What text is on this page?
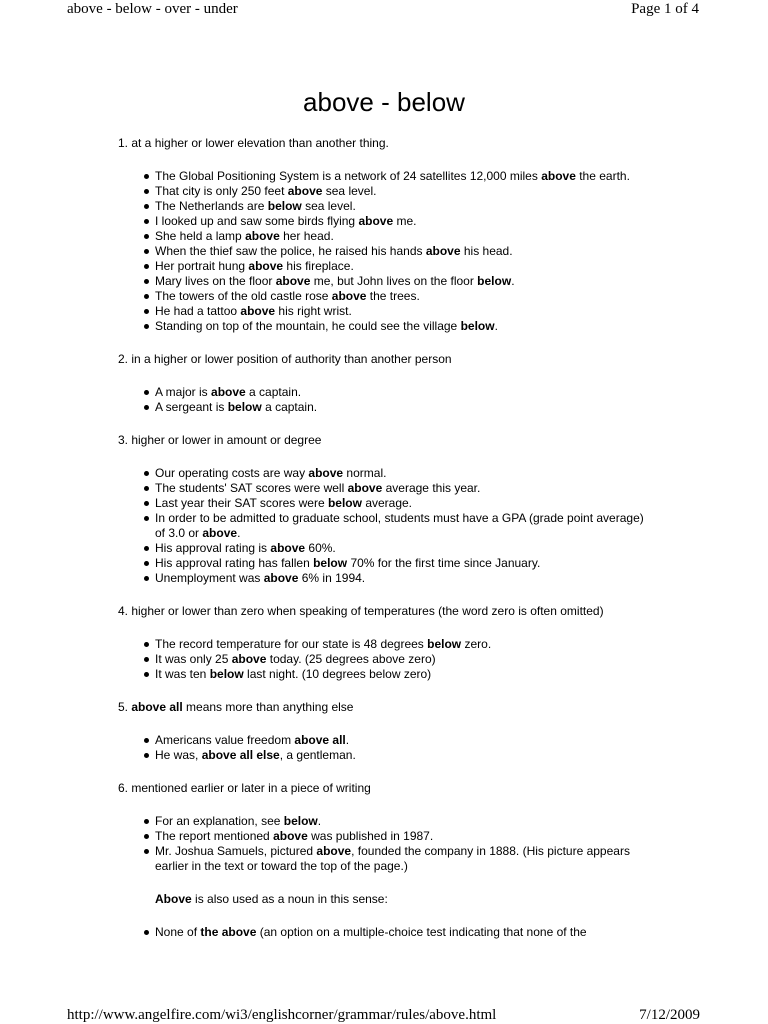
above - below - over - under	Page 1 of 4
above - below
1. at a higher or lower elevation than another thing.
The Global Positioning System is a network of 24 satellites 12,000 miles above the earth.
That city is only 250 feet above sea level.
The Netherlands are below sea level.
I looked up and saw some birds flying above me.
She held a lamp above her head.
When the thief saw the police, he raised his hands above his head.
Her portrait hung above his fireplace.
Mary lives on the floor above me, but John lives on the floor below.
The towers of the old castle rose above the trees.
He had a tattoo above his right wrist.
Standing on top of the mountain, he could see the village below.
2. in a higher or lower position of authority than another person
A major is above a captain.
A sergeant is below a captain.
3. higher or lower in amount or degree
Our operating costs are way above normal.
The students' SAT scores were well above average this year.
Last year their SAT scores were below average.
In order to be admitted to graduate school, students must have a GPA (grade point average) of 3.0 or above.
His approval rating is above 60%.
His approval rating has fallen below 70% for the first time since January.
Unemployment was above 6% in 1994.
4. higher or lower than zero when speaking of temperatures (the word zero is often omitted)
The record temperature for our state is 48 degrees below zero.
It was only 25 above today. (25 degrees above zero)
It was ten below last night. (10 degrees below zero)
5. above all means more than anything else
Americans value freedom above all.
He was, above all else, a gentleman.
6. mentioned earlier or later in a piece of writing
For an explanation, see below.
The report mentioned above was published in 1987.
Mr. Joshua Samuels, pictured above, founded the company in 1888. (His picture appears earlier in the text or toward the top of the page.)
Above is also used as a noun in this sense:
None of the above (an option on a multiple-choice test indicating that none of the
http://www.angelfire.com/wi3/englishcorner/grammar/rules/above.html	7/12/2009
